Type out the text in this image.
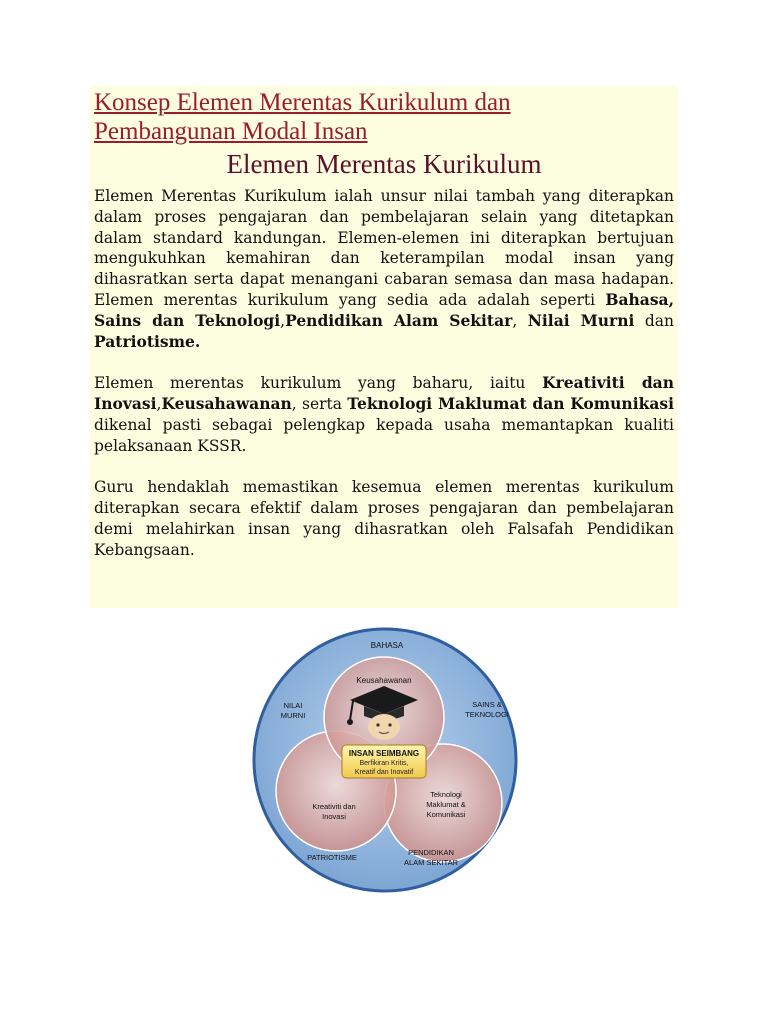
Konsep Elemen Merentas Kurikulum dan
Pembangunan Modal Insan
Elemen Merentas Kurikulum

Elemen Merentas Kurikulum ialah unsur nilai tambah yang diterapkan dalam proses pengajaran dan pembelajaran selain yang ditetapkan dalam standard kandungan. Elemen-elemen ini diterapkan bertujuan mengukuhkan kemahiran dan keterampilan modal insan yang dihasratkan serta dapat menangani cabaran semasa dan masa hadapan. Elemen merentas kurikulum yang sedia ada adalah seperti Bahasa, Sains dan Teknologi,Pendidikan Alam Sekitar, Nilai Murni dan Patriotisme.

Elemen merentas kurikulum yang baharu, iaitu Kreativiti dan Inovasi,Keusahawanan, serta Teknologi Maklumat dan Komunikasi dikenal pasti sebagai pelengkap kepada usaha memantapkan kualiti pelaksanaan KSSR.

Guru hendaklah memastikan kesemua elemen merentas kurikulum diterapkan secara efektif dalam proses pengajaran dan pembelajaran demi melahirkan insan yang dihasratkan oleh Falsafah Pendidikan Kebangsaan.

INSAN SEIMBANG
Berfikiran Kritis,
Kreatif dan Inovatif
Keusahawanan
Kreativiti dan
Inovasi
Teknologi
Maklumat &
Komunikasi
BAHASA
NILAI
MURNI
SAINS &
TEKNOLOGI
PATRIOTISME
PENDIDIKAN
ALAM SEKITAR
